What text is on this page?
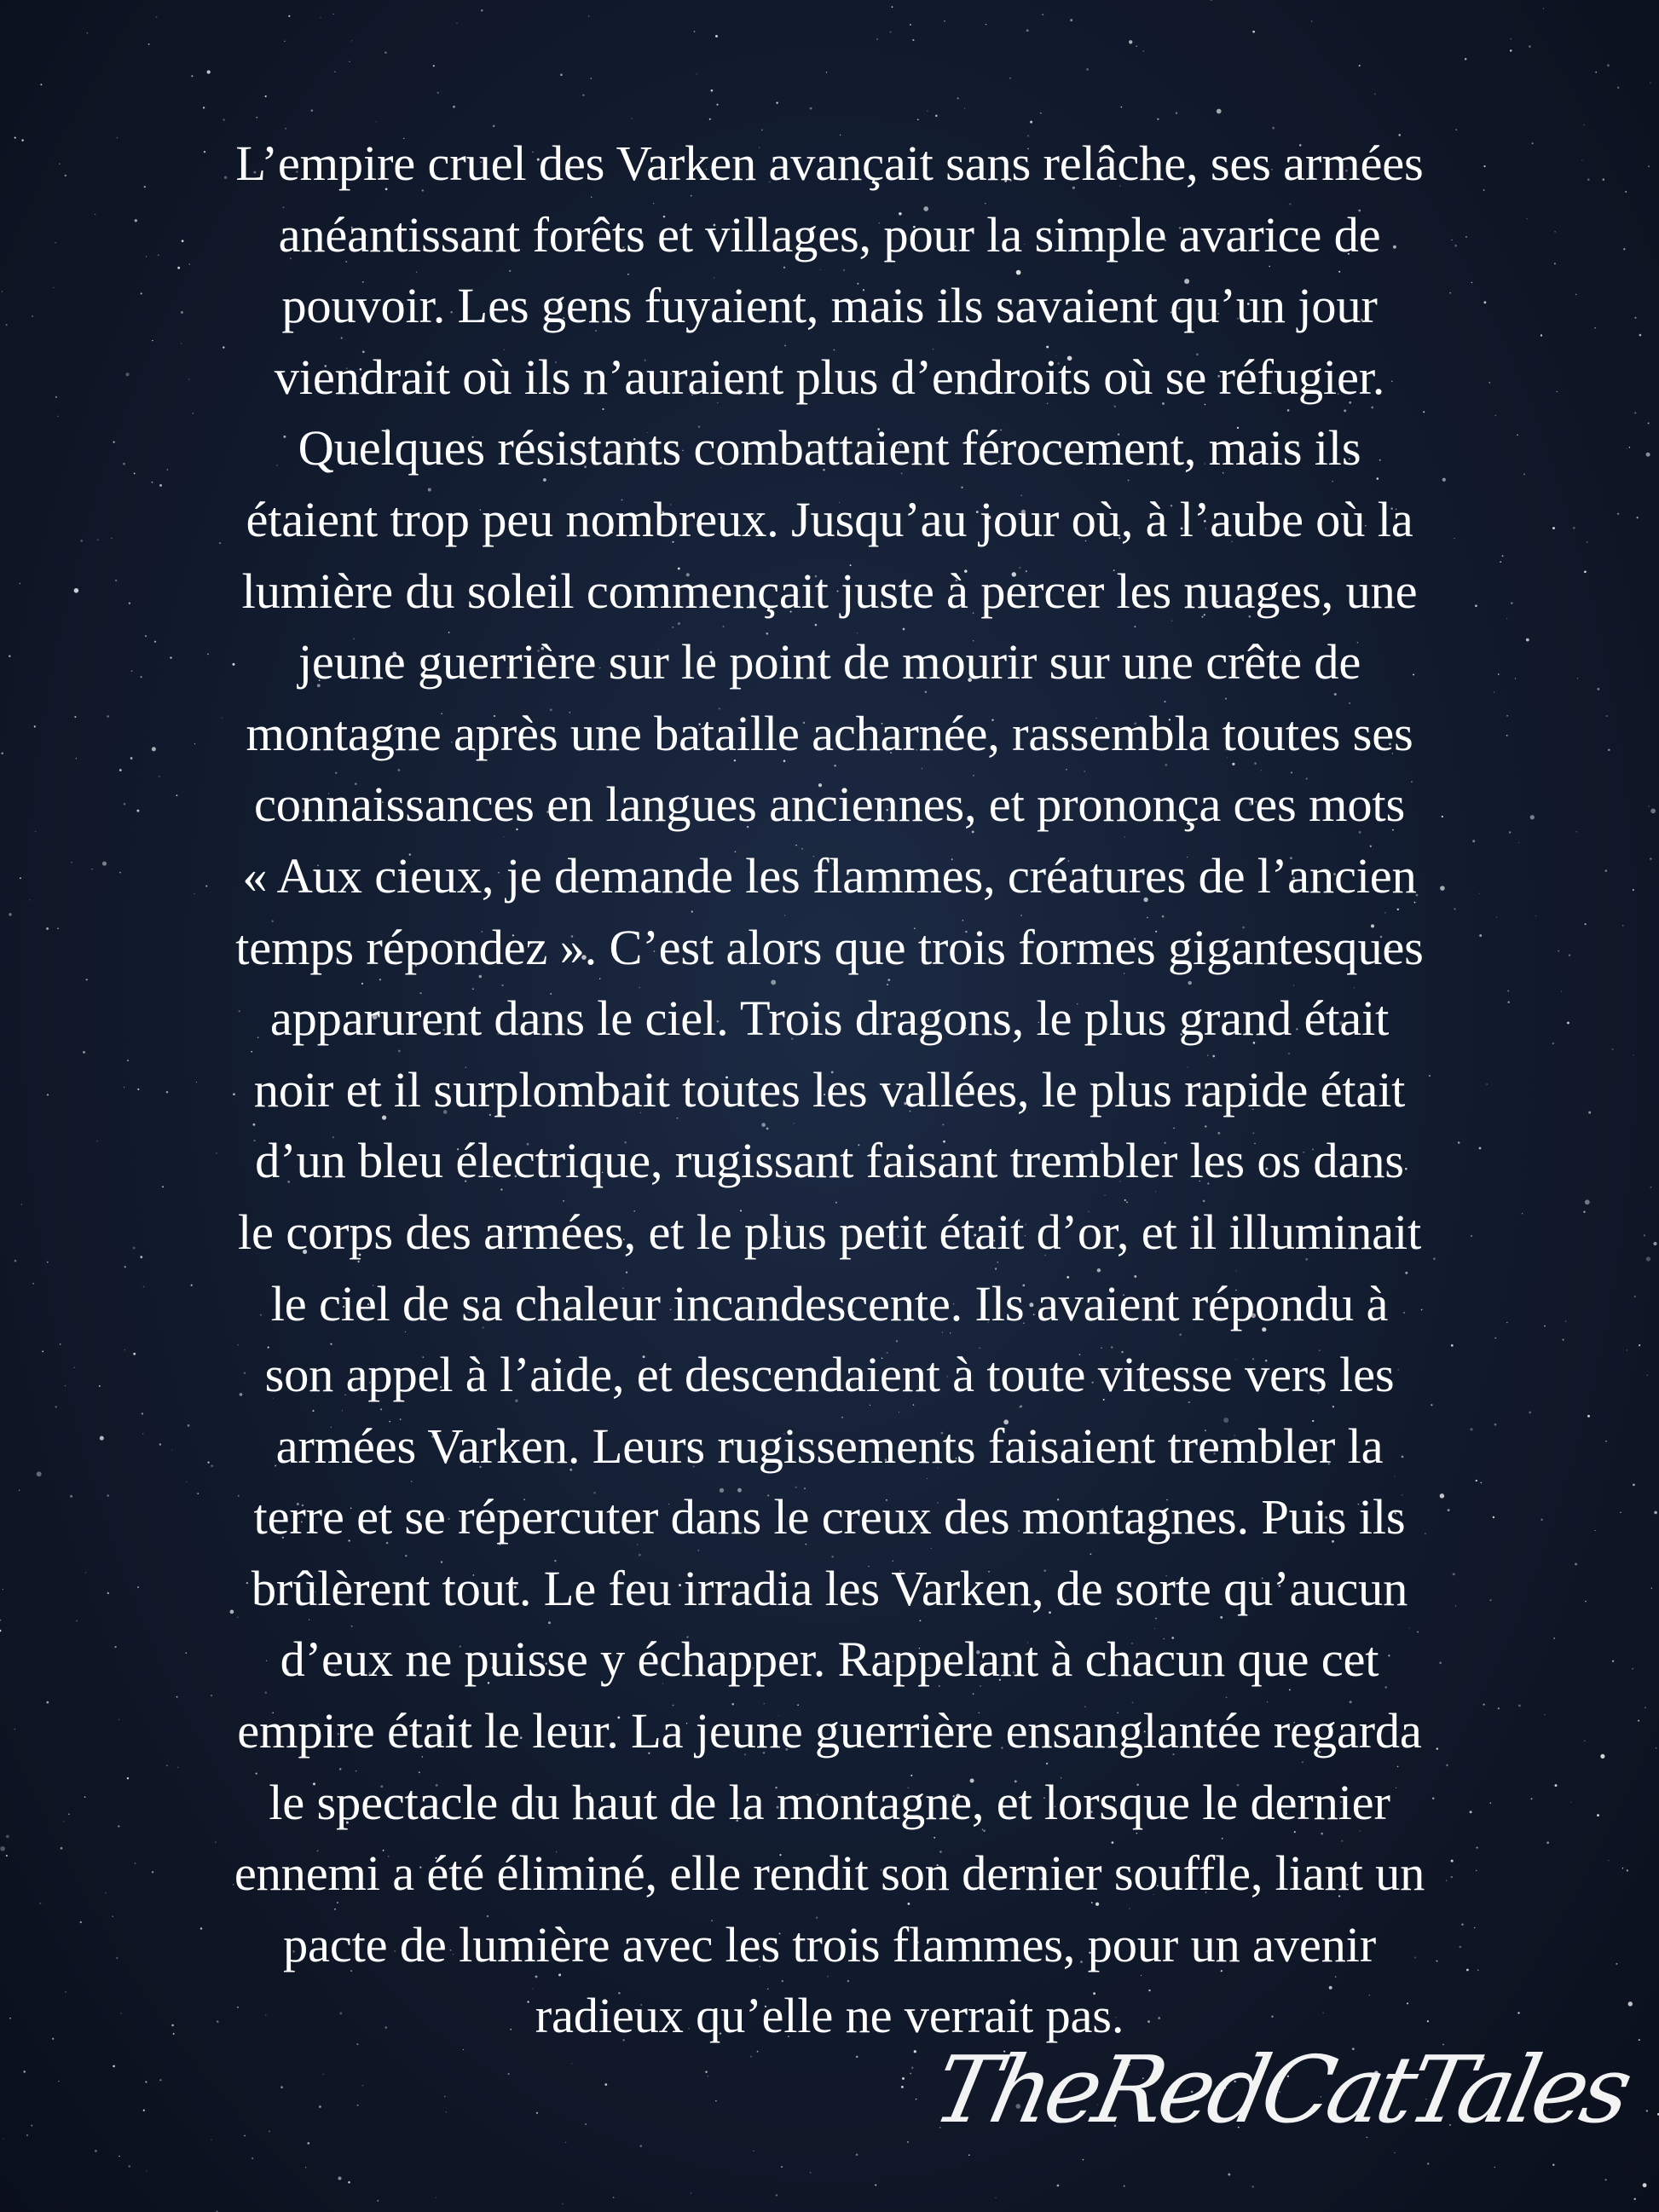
L’empire cruel des Varken avançait sans relâche, ses armées
anéantissant forêts et villages, pour la simple avarice de
pouvoir. Les gens fuyaient, mais ils savaient qu’un jour
viendrait où ils n’auraient plus d’endroits où se réfugier.
Quelques résistants combattaient férocement, mais ils
étaient trop peu nombreux. Jusqu’au jour où, à l’aube où la
lumière du soleil commençait juste à percer les nuages, une
jeune guerrière sur le point de mourir sur une crête de
montagne après une bataille acharnée, rassembla toutes ses
connaissances en langues anciennes, et prononça ces mots
« Aux cieux, je demande les flammes, créatures de l’ancien
temps répondez ». C’est alors que trois formes gigantesques
apparurent dans le ciel. Trois dragons, le plus grand était
noir et il surplombait toutes les vallées, le plus rapide était
d’un bleu électrique, rugissant faisant trembler les os dans
le corps des armées, et le plus petit était d’or, et il illuminait
le ciel de sa chaleur incandescente. Ils avaient répondu à
son appel à l’aide, et descendaient à toute vitesse vers les
armées Varken. Leurs rugissements faisaient trembler la
terre et se répercuter dans le creux des montagnes. Puis ils
brûlèrent tout. Le feu irradia les Varken, de sorte qu’aucun
d’eux ne puisse y échapper. Rappelant à chacun que cet
empire était le leur. La jeune guerrière ensanglantée regarda
le spectacle du haut de la montagne, et lorsque le dernier
ennemi a été éliminé, elle rendit son dernier souffle, liant un
pacte de lumière avec les trois flammes, pour un avenir
radieux qu’elle ne verrait pas.

TheRedCatTales
